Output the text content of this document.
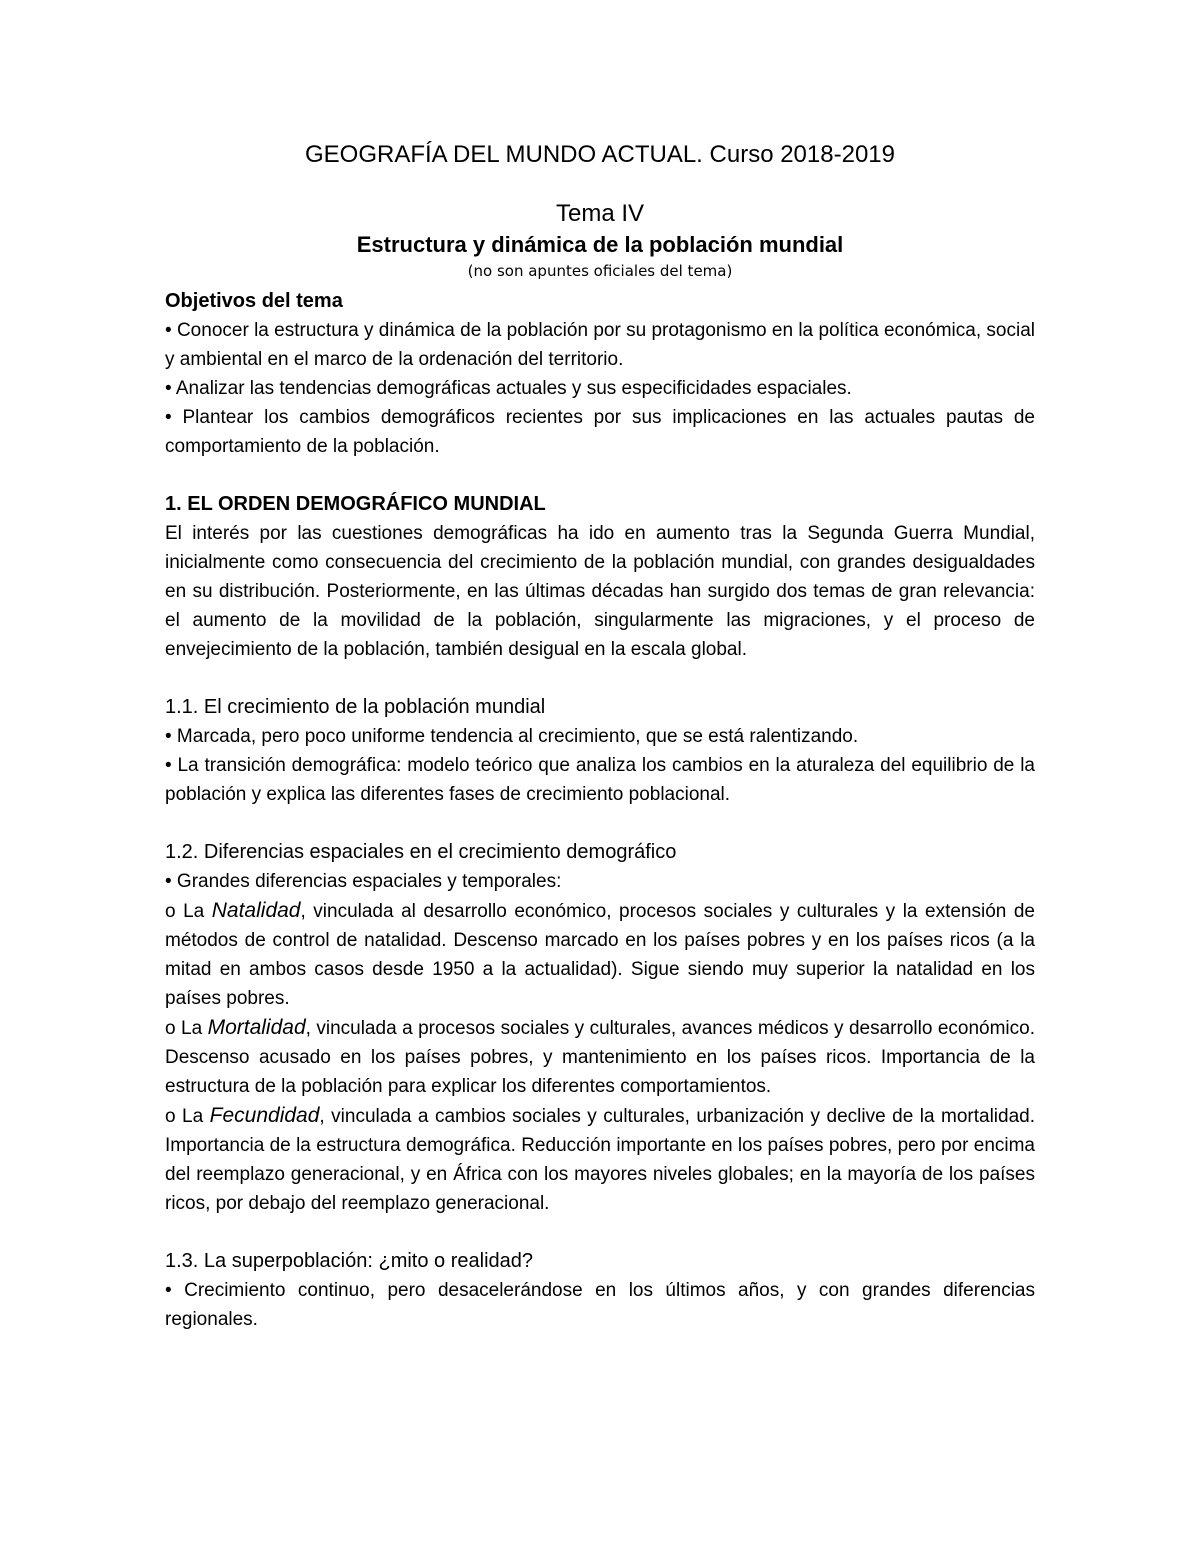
GEOGRAFÍA DEL MUNDO ACTUAL. Curso 2018-2019
Tema IV
Estructura y dinámica de la población mundial
(no son apuntes oficiales del tema)
Objetivos del tema

• Conocer la estructura y dinámica de la población por su protagonismo en la política económica, social y ambiental en el marco de la ordenación del territorio.

• Analizar las tendencias demográficas actuales y sus especificidades espaciales.

• Plantear los cambios demográficos recientes por sus implicaciones en las actuales pautas de comportamiento de la población.

1. EL ORDEN DEMOGRÁFICO MUNDIAL

El interés por las cuestiones demográficas ha ido en aumento tras la Segunda Guerra Mundial, inicialmente como consecuencia del crecimiento de la población mundial, con grandes desigualdades en su distribución. Posteriormente, en las últimas décadas han surgido dos temas de gran relevancia: el aumento de la movilidad de la población, singularmente las migraciones, y el proceso de envejecimiento de la población, también desigual en la escala global.

1.1. El crecimiento de la población mundial

• Marcada, pero poco uniforme tendencia al crecimiento, que se está ralentizando.

• La transición demográfica: modelo teórico que analiza los cambios en la aturaleza del equilibrio de la población y explica las diferentes fases de crecimiento poblacional.

1.2. Diferencias espaciales en el crecimiento demográfico

• Grandes diferencias espaciales y temporales:

o La Natalidad, vinculada al desarrollo económico, procesos sociales y culturales y la extensión de métodos de control de natalidad. Descenso marcado en los países pobres y en los países ricos (a la mitad en ambos casos desde 1950 a la actualidad). Sigue siendo muy superior la natalidad en los países pobres.

o La Mortalidad, vinculada a procesos sociales y culturales, avances médicos y desarrollo económico. Descenso acusado en los países pobres, y mantenimiento en los países ricos. Importancia de la estructura de la población para explicar los diferentes comportamientos.

o La Fecundidad, vinculada a cambios sociales y culturales, urbanización y declive de la mortalidad. Importancia de la estructura demográfica. Reducción importante en los países pobres, pero por encima del reemplazo generacional, y en África con los mayores niveles globales; en la mayoría de los países ricos, por debajo del reemplazo generacional.

1.3. La superpoblación: ¿mito o realidad?

• Crecimiento continuo, pero desacelerándose en los últimos años, y con grandes diferencias regionales.
